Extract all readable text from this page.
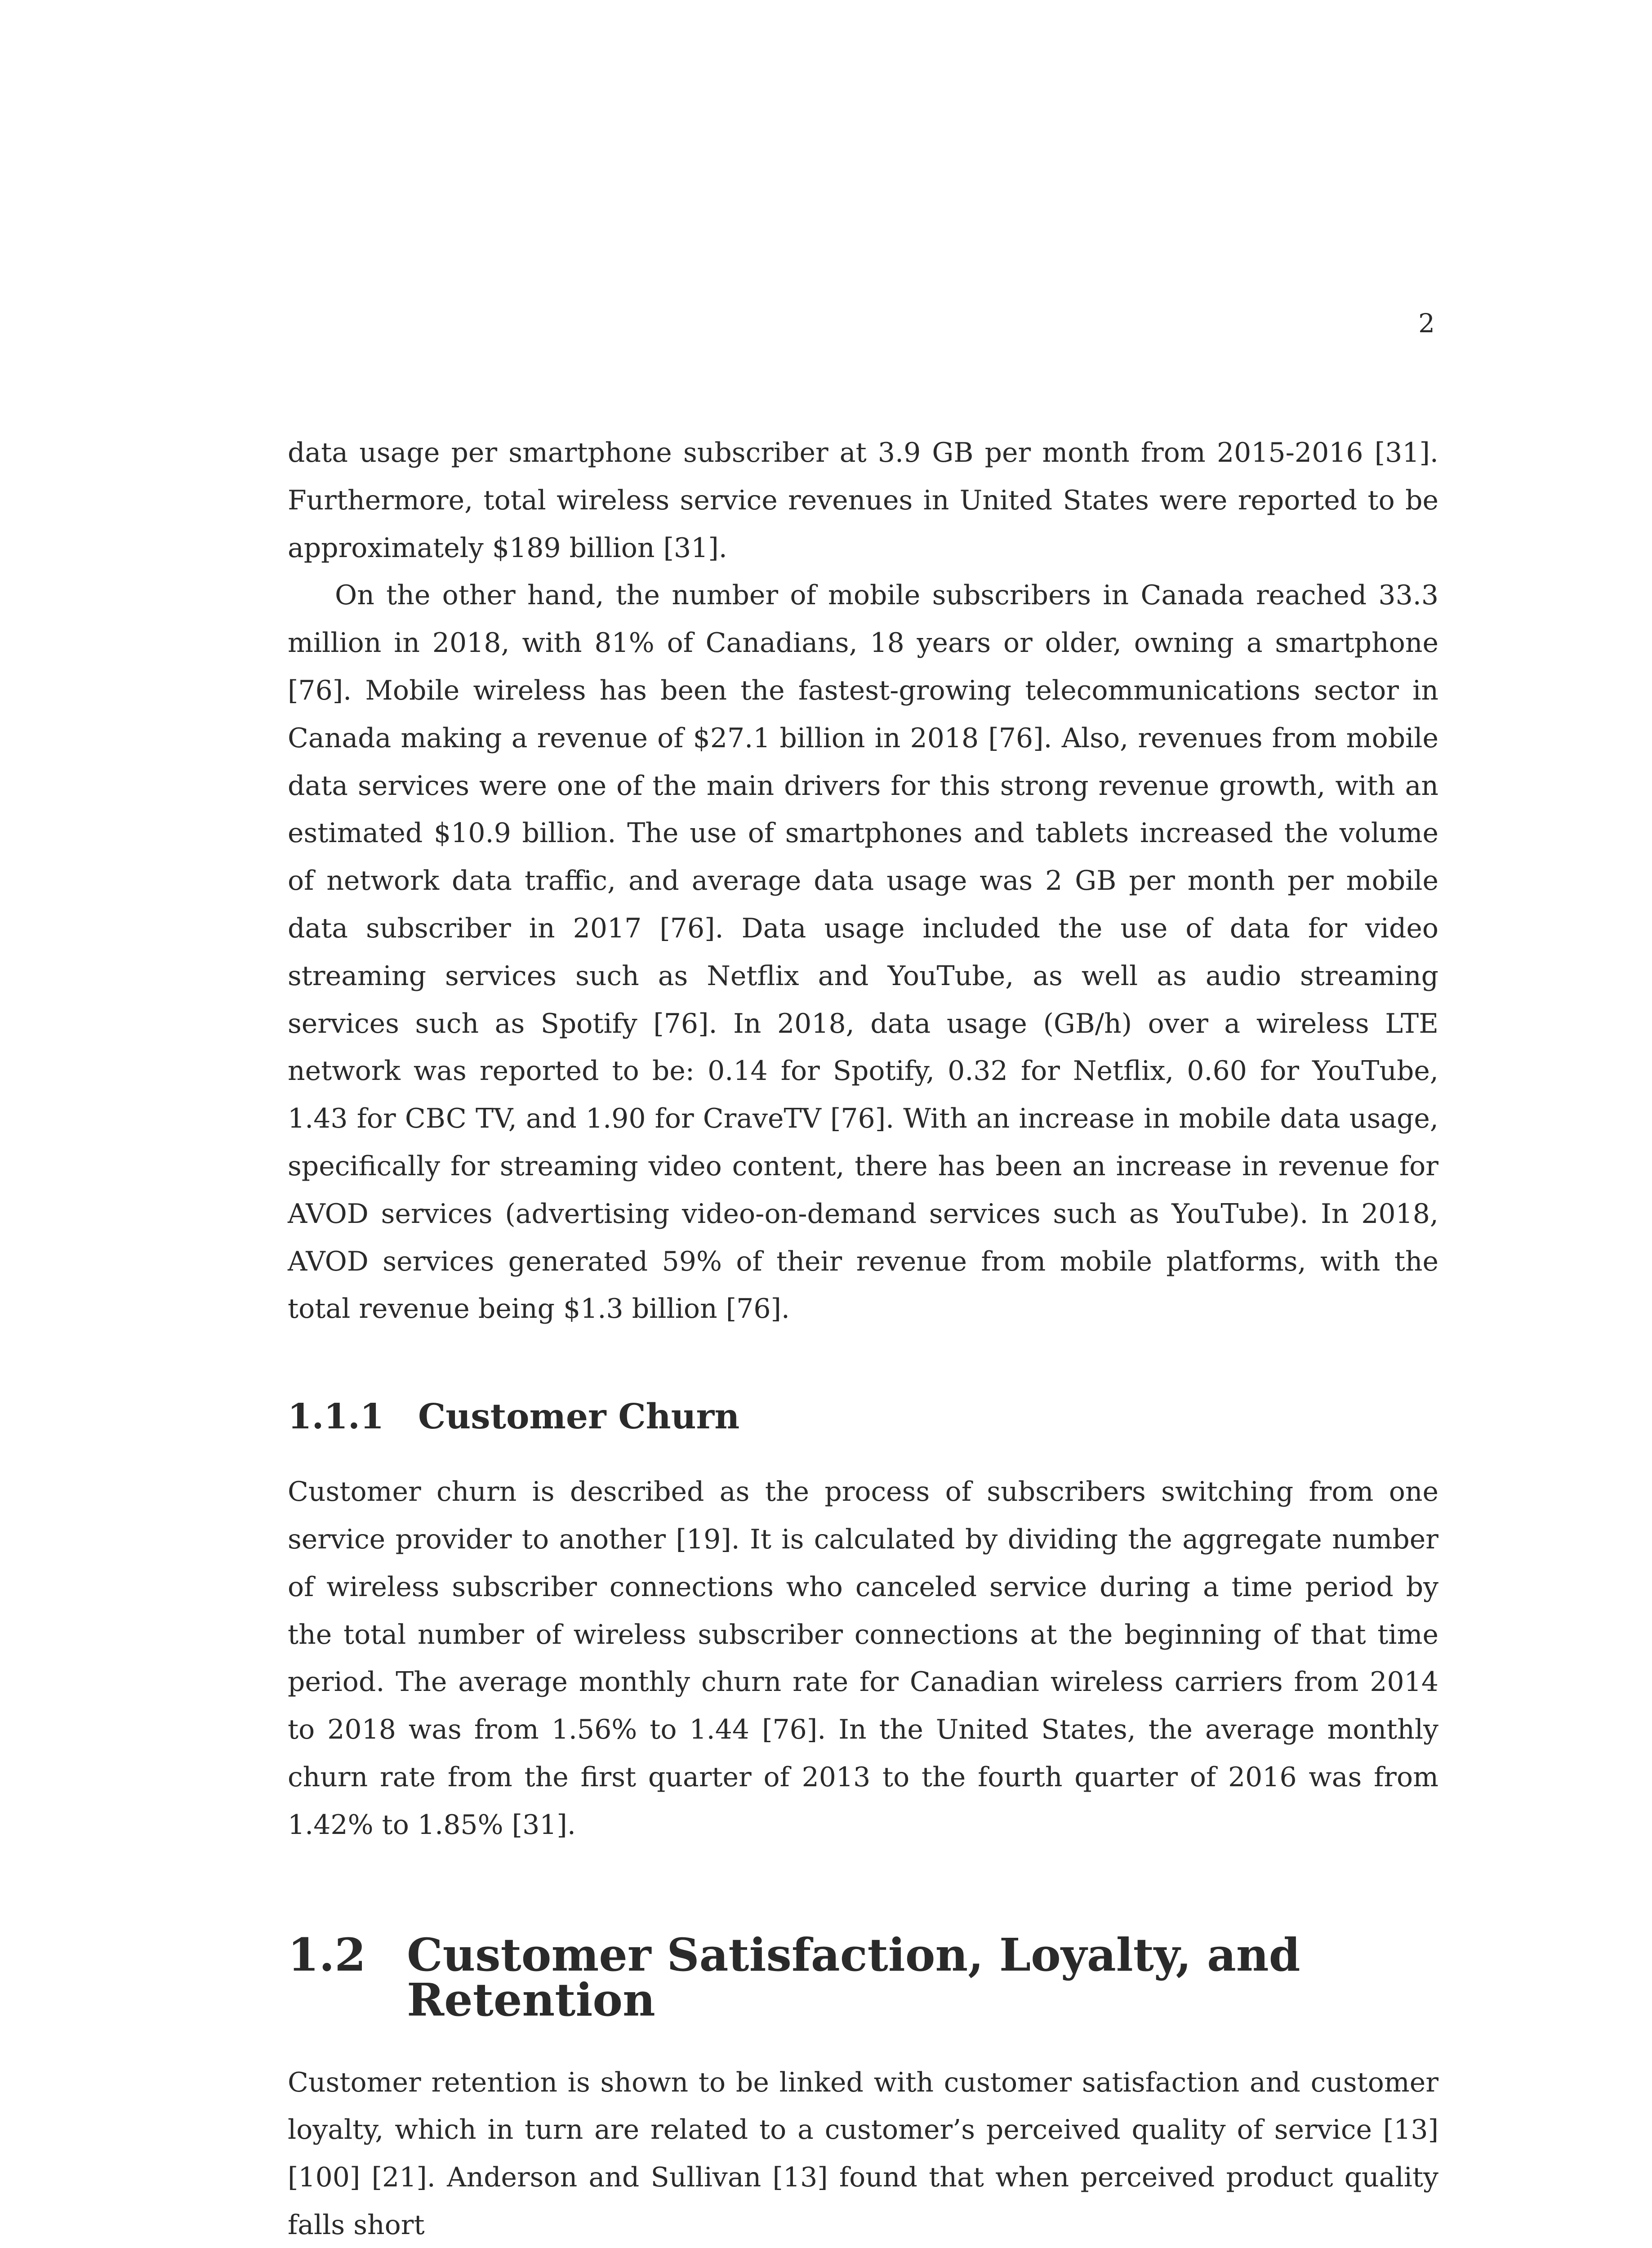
2

data usage per smartphone subscriber at 3.9 GB per month from 2015-2016 [31]. Furthermore, total wireless service revenues in United States were reported to be approximately $189 billion [31].

On the other hand, the number of mobile subscribers in Canada reached 33.3 million in 2018, with 81% of Canadians, 18 years or older, owning a smartphone [76]. Mobile wireless has been the fastest-growing telecommunications sector in Canada making a revenue of $27.1 billion in 2018 [76]. Also, revenues from mobile data services were one of the main drivers for this strong revenue growth, with an estimated $10.9 billion. The use of smartphones and tablets increased the volume of network data traffic, and average data usage was 2 GB per month per mobile data subscriber in 2017 [76]. Data usage included the use of data for video streaming services such as Netflix and YouTube, as well as audio streaming services such as Spotify [76]. In 2018, data usage (GB/h) over a wireless LTE network was reported to be: 0.14 for Spotify, 0.32 for Netflix, 0.60 for YouTube, 1.43 for CBC TV, and 1.90 for CraveTV [76]. With an increase in mobile data usage, specifically for streaming video content, there has been an increase in revenue for AVOD services (advertising video-on-demand services such as YouTube). In 2018, AVOD services generated 59% of their revenue from mobile platforms, with the total revenue being $1.3 billion [76].

1.1.1 Customer Churn

Customer churn is described as the process of subscribers switching from one service provider to another [19]. It is calculated by dividing the aggregate number of wireless subscriber connections who canceled service during a time period by the total number of wireless subscriber connections at the beginning of that time period. The average monthly churn rate for Canadian wireless carriers from 2014 to 2018 was from 1.56% to 1.44 [76]. In the United States, the average monthly churn rate from the first quarter of 2013 to the fourth quarter of 2016 was from 1.42% to 1.85% [31].

1.2 Customer Satisfaction, Loyalty, and Retention

Customer retention is shown to be linked with customer satisfaction and customer loyalty, which in turn are related to a customer’s perceived quality of service [13] [100] [21]. Anderson and Sullivan [13] found that when perceived product quality falls short
